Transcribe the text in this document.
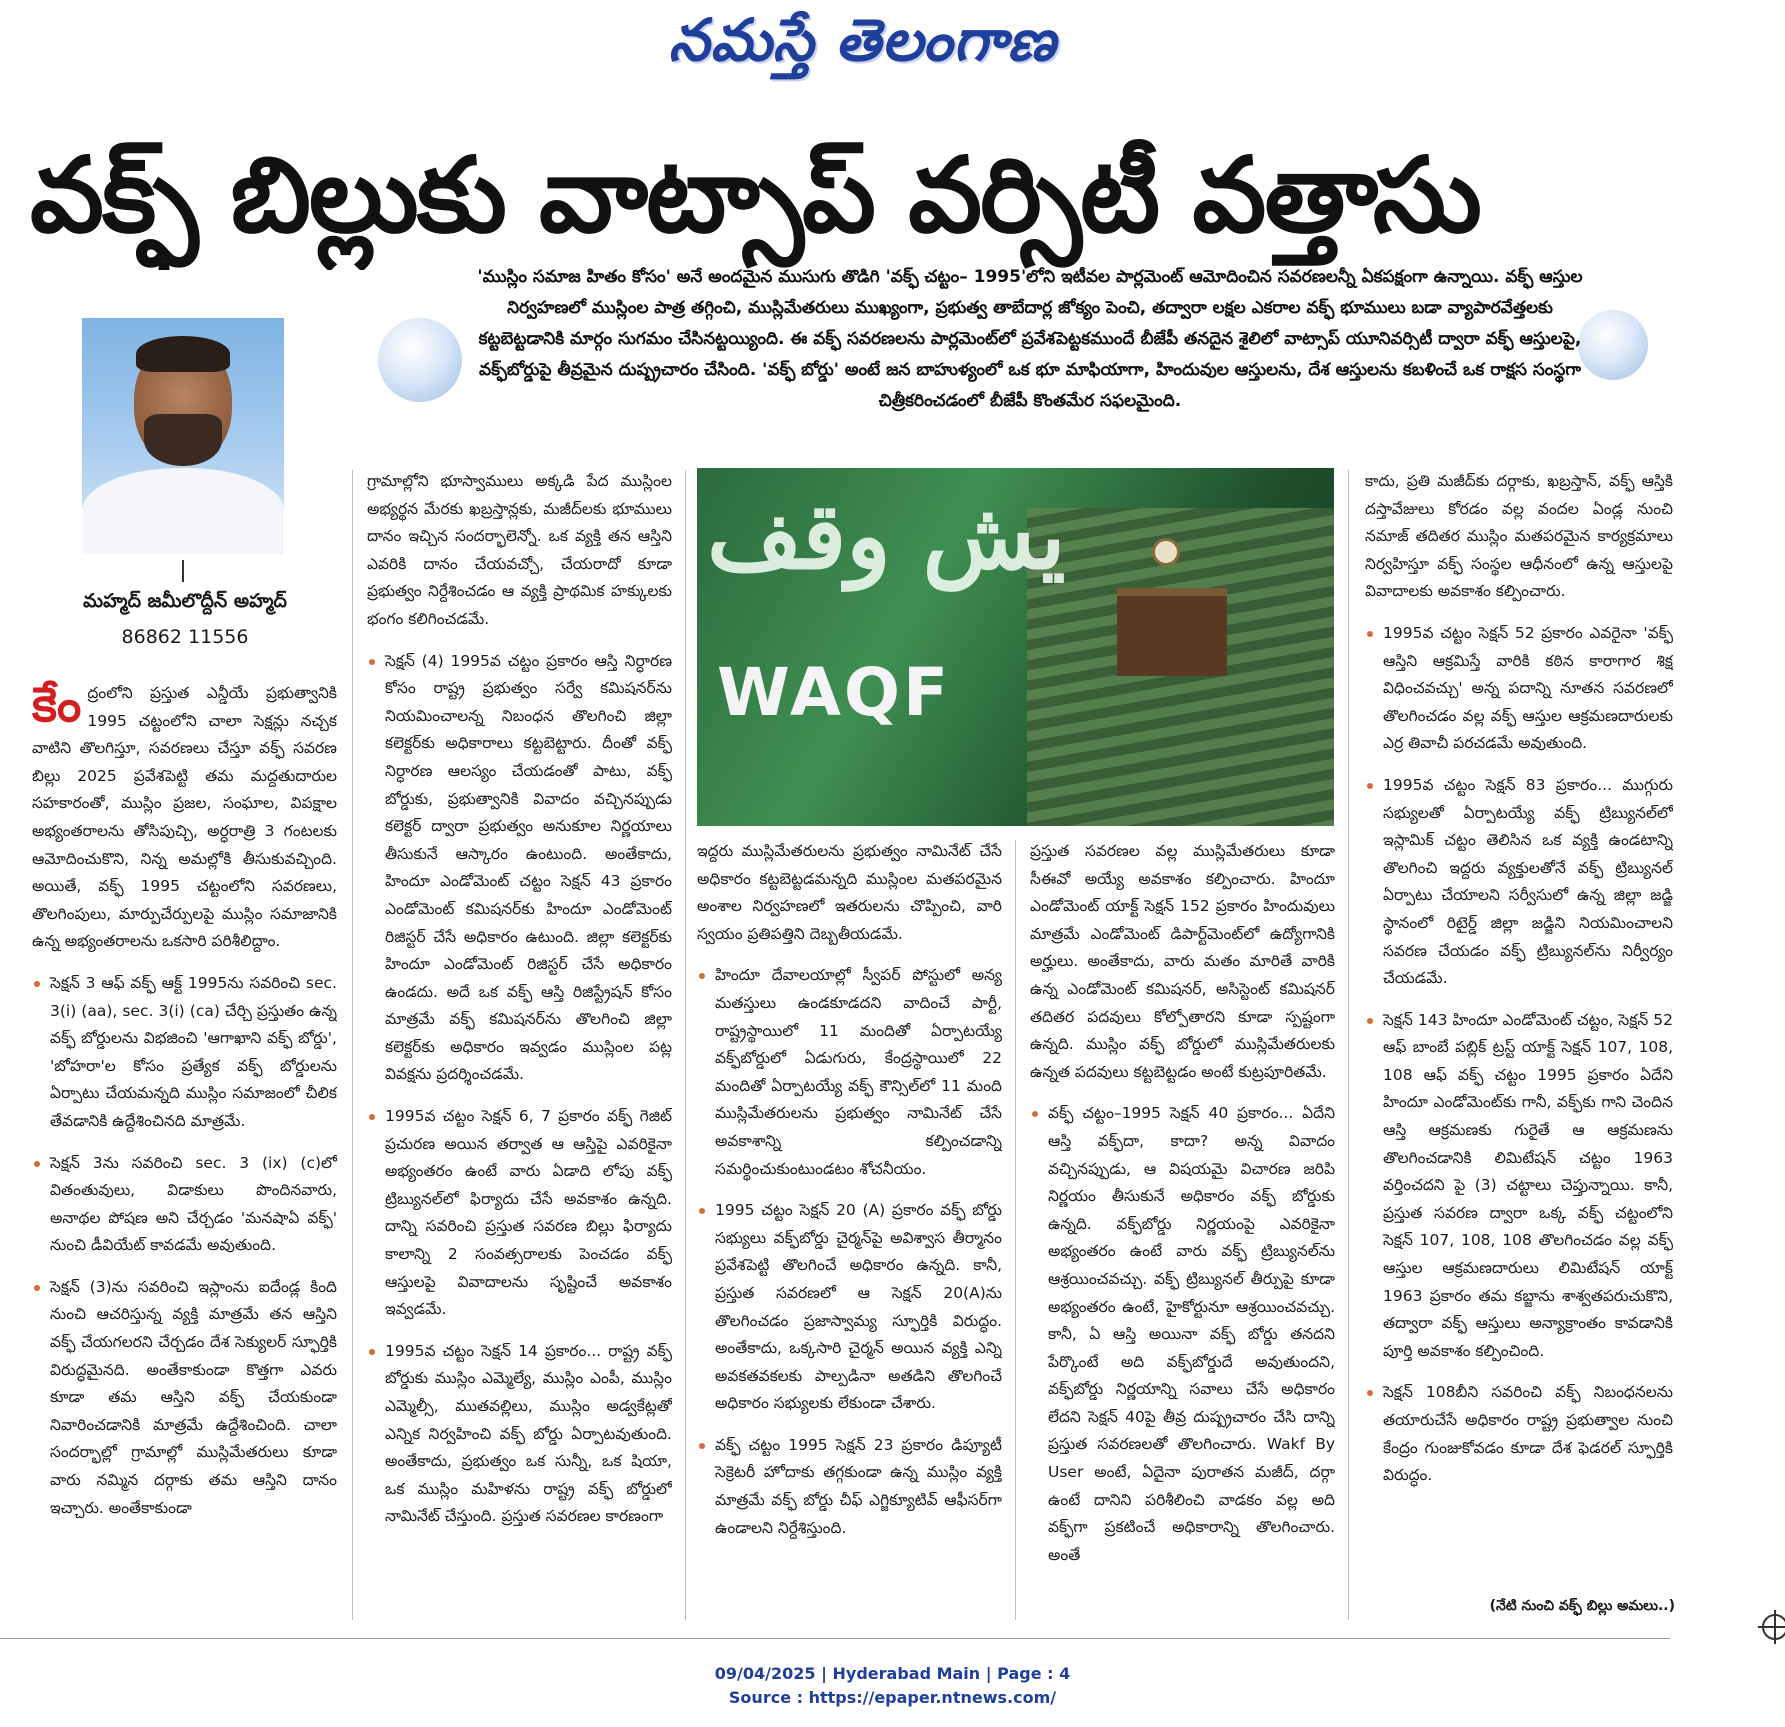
నమస్తే తెలంగాణ
వక్ఫ్ బిల్లుకు వాట్సాప్ వర్సిటీ వత్తాసు
'ముస్లిం సమాజ హితం కోసం' అనే అందమైన ముసుగు తొడిగి 'వక్ఫ్ చట్టం– 1995'లోని ఇటీవల పార్లమెంట్ ఆమోదించిన సవరణలన్నీ ఏకపక్షంగా ఉన్నాయి. వక్ఫ్ ఆస్తుల నిర్వహణలో ముస్లింల పాత్ర తగ్గించి, ముస్లిమేతరులు ముఖ్యంగా, ప్రభుత్వ తాబేదార్ల జోక్యం పెంచి, తద్వారా లక్షల ఎకరాల వక్ఫ్ భూములు బడా వ్యాపారవేత్తలకు కట్టబెట్టడానికి మార్గం సుగమం చేసినట్టయ్యింది. ఈ వక్ఫ్ సవరణలను పార్లమెంట్‌లో ప్రవేశపెట్టకముందే బీజేపీ తనదైన శైలిలో వాట్సాప్ యూనివర్సిటీ ద్వారా వక్ఫ్ ఆస్తులపై, వక్ఫ్‌బోర్డుపై తీవ్రమైన దుష్ప్రచారం చేసింది. 'వక్ఫ్ బోర్డు' అంటే జన బాహుళ్యంలో ఒక భూ మాఫియాగా, హిందువుల ఆస్తులను, దేశ ఆస్తులను కబళించే ఒక రాక్షస సంస్థగా చిత్రీకరించడంలో బీజేపీ కొంతమేర సఫలమైంది.
మహ్మద్ జమీలొద్దీన్ అహ్మద్
86862 11556

కేంద్రంలోని ప్రస్తుత ఎన్డీయే ప్రభుత్వానికి 1995 చట్టంలోని చాలా సెక్షన్లు నచ్చక వాటిని తొలగిస్తూ, సవరణలు చేస్తూ వక్ఫ్ సవరణ బిల్లు 2025 ప్రవేశపెట్టి తమ మద్దతుదారుల సహకారంతో, ముస్లిం ప్రజల, సంఘాల, విపక్షాల అభ్యంతరాలను తోసిపుచ్చి, అర్ధరాత్రి 3 గంటలకు ఆమోదించుకొని, నిన్న అమల్లోకి తీసుకువచ్చింది. అయితే, వక్ఫ్ 1995 చట్టంలోని సవరణలు, తొలగింపులు, మార్పుచేర్పులపై ముస్లిం సమాజానికి ఉన్న అభ్యంతరాలను ఒకసారి పరిశీలిద్దాం.

సెక్షన్ 3 ఆఫ్ వక్ఫ్ ఆక్ట్ 1995ను సవరించి sec. 3(i) (aa), sec. 3(i) (ca) చేర్చి ప్రస్తుతం ఉన్న వక్ఫ్ బోర్డులను విభజించి 'ఆగాఖాని వక్ఫ్ బోర్డు', 'బోహరా'ల కోసం ప్రత్యేక వక్ఫ్ బోర్డులను ఏర్పాటు చేయమన్నది ముస్లిం సమాజంలో చీలిక తేవడానికి ఉద్దేశించినది మాత్రమే.

సెక్షన్ 3ను సవరించి sec. 3 (ix) (c)లో వితంతువులు, విడాకులు పొందినవారు, అనాథల పోషణ అని చేర్చడం 'మనషాఏ వక్ఫ్' నుంచి డీవియేట్ కావడమే అవుతుంది.

సెక్షన్ (3)ను సవరించి ఇస్లాంను ఐదేండ్ల కింది నుంచి ఆచరిస్తున్న వ్యక్తి మాత్రమే తన ఆస్తిని వక్ఫ్ చేయగలరని చేర్చడం దేశ సెక్యులర్ స్ఫూర్తికి విరుద్ధమైనది. అంతేకాకుండా కొత్తగా ఎవరు కూడా తమ ఆస్తిని వక్ఫ్ చేయకుండా నివారించడానికి మాత్రమే ఉద్దేశించింది. చాలా సందర్భాల్లో గ్రామాల్లో ముస్లిమేతరులు కూడా వారు నమ్మిన దర్గాకు తమ ఆస్తిని దానం ఇచ్చారు. అంతేకాకుండా

గ్రామాల్లోని భూస్వాములు అక్కడి పేద ముస్లింల అభ్యర్థన మేరకు ఖబ్రస్తాన్లకు, మజీద్‌లకు భూములు దానం ఇచ్చిన సందర్భాలెన్నో. ఒక వ్యక్తి తన ఆస్తిని ఎవరికి దానం చేయవచ్చో, చేయరాదో కూడా ప్రభుత్వం నిర్దేశించడం ఆ వ్యక్తి ప్రాథమిక హక్కులకు భంగం కలిగించడమే.

సెక్షన్ (4) 1995వ చట్టం ప్రకారం ఆస్తి నిర్ధారణ కోసం రాష్ట్ర ప్రభుత్వం సర్వే కమిషనర్‌ను నియమించాలన్న నిబంధన తొలగించి జిల్లా కలెక్టర్‌కు అధికారాలు కట్టబెట్టారు. దీంతో వక్ఫ్ నిర్ధారణ ఆలస్యం చేయడంతో పాటు, వక్ఫ్ బోర్డుకు, ప్రభుత్వానికి వివాదం వచ్చినప్పుడు కలెక్టర్ ద్వారా ప్రభుత్వం అనుకూల నిర్ణయాలు తీసుకునే ఆస్కారం ఉంటుంది. అంతేకాదు, హిందూ ఎండోమెంట్ చట్టం సెక్షన్ 43 ప్రకారం ఎండోమెంట్ కమిషనర్‌కు హిందూ ఎండోమెంట్ రిజిస్టర్ చేసే అధికారం ఉటుంది. జిల్లా కలెక్టర్‌కు హిందూ ఎండోమెంట్ రిజిస్టర్ చేసే అధికారం ఉండదు. అదే ఒక వక్ఫ్ ఆస్తి రిజిస్ట్రేషన్ కోసం మాత్రమే వక్ఫ్ కమిషనర్‌ను తొలగించి జిల్లా కలెక్టర్‌కు అధికారం ఇవ్వడం ముస్లింల పట్ల వివక్షను ప్రదర్శించడమే.

1995వ చట్టం సెక్షన్ 6, 7 ప్రకారం వక్ఫ్ గెజిట్ ప్రచురణ అయిన తర్వాత ఆ ఆస్తిపై ఎవరికైనా అభ్యంతరం ఉంటే వారు ఏడాది లోపు వక్ఫ్ ట్రిబ్యునల్‌లో ఫిర్యాదు చేసే అవకాశం ఉన్నది. దాన్ని సవరించి ప్రస్తుత సవరణ బిల్లు ఫిర్యాదు కాలాన్ని 2 సంవత్సరాలకు పెంచడం వక్ఫ్ ఆస్తులపై వివాదాలను సృష్టించే అవకాశం ఇవ్వడమే.

1995వ చట్టం సెక్షన్ 14 ప్రకారం... రాష్ట్ర వక్ఫ్ బోర్డుకు ముస్లిం ఎమ్మెల్యే, ముస్లిం ఎంపీ, ముస్లిం ఎమ్మెల్సీ, ముతవల్లిలు, ముస్లిం అడ్వకేట్లతో ఎన్నిక నిర్వహించి వక్ఫ్ బోర్డు ఏర్పాటవుతుంది. అంతేకాదు, ప్రభుత్వం ఒక సున్నీ, ఒక షియా, ఒక ముస్లిం మహిళను రాష్ట్ర వక్ఫ్ బోర్డులో నామినేట్ చేస్తుంది. ప్రస్తుత సవరణల కారణంగా

یش وقف
WAQF

ఇద్దరు ముస్లిమేతరులను ప్రభుత్వం నామినేట్ చేసే అధికారం కట్టబెట్టడమన్నది ముస్లింల మతపరమైన అంశాల నిర్వహణలో ఇతరులను చొప్పించి, వారి స్వయం ప్రతిపత్తిని దెబ్బతీయడమే.

హిందూ దేవాలయాల్లో స్వీపర్ పోస్టులో అన్య మతస్తులు ఉండకూడదని వాదించే పార్టీ, రాష్ట్రస్థాయిలో 11 మందితో ఏర్పాటయ్యే వక్ఫ్‌బోర్డులో ఏడుగురు, కేంద్రస్థాయిలో 22 మందితో ఏర్పాటయ్యే వక్ఫ్ కౌన్సిల్‌లో 11 మంది ముస్లిమేతరులను ప్రభుత్వం నామినేట్ చేసే అవకాశాన్ని కల్పించడాన్ని సమర్థించుకుంటుండటం శోచనీయం.

1995 చట్టం సెక్షన్ 20 (A) ప్రకారం వక్ఫ్ బోర్డు సభ్యులు వక్ఫ్‌బోర్డు చైర్మన్‌పై అవిశ్వాస తీర్మానం ప్రవేశపెట్టి తొలగించే అధికారం ఉన్నది. కానీ, ప్రస్తుత సవరణలో ఆ సెక్షన్ 20(A)ను తొలగించడం ప్రజాస్వామ్య స్ఫూర్తికి విరుద్ధం. అంతేకాదు, ఒక్కసారి చైర్మన్ అయిన వ్యక్తి ఎన్ని అవకతవకలకు పాల్పడినా అతడిని తొలగించే అధికారం సభ్యులకు లేకుండా చేశారు.

వక్ఫ్ చట్టం 1995 సెక్షన్ 23 ప్రకారం డిప్యూటీ సెక్రెటరీ హోదాకు తగ్గకుండా ఉన్న ముస్లిం వ్యక్తి మాత్రమే వక్ఫ్ బోర్డు చీఫ్ ఎగ్జిక్యూటివ్ ఆఫీసర్‌గా ఉండాలని నిర్దేశిస్తుంది.

ప్రస్తుత సవరణల వల్ల ముస్లిమేతరులు కూడా సీఈవో అయ్యే అవకాశం కల్పించారు. హిందూ ఎండోమెంట్ యాక్ట్ సెక్షన్ 152 ప్రకారం హిందువులు మాత్రమే ఎండోమెంట్ డిపార్ట్‌మెంట్‌లో ఉద్యోగానికి అర్హులు. అంతేకాదు, వారు మతం మారితే వారికి ఉన్న ఎండోమెంట్ కమిషనర్, అసిస్టెంట్ కమిషనర్ తదితర పదవులు కోల్పోతారని కూడా స్పష్టంగా ఉన్నది. ముస్లిం వక్ఫ్ బోర్డులో ముస్లిమేతరులకు ఉన్నత పదవులు కట్టబెట్టడం అంటే కుట్రపూరితమే.

వక్ఫ్ చట్టం–1995 సెక్షన్ 40 ప్రకారం... ఏదేని ఆస్తి వక్ఫ్‌దా, కాదా? అన్న వివాదం వచ్చినప్పుడు, ఆ విషయమై విచారణ జరిపి నిర్ణయం తీసుకునే అధికారం వక్ఫ్ బోర్డుకు ఉన్నది. వక్ఫ్‌బోర్డు నిర్ణయంపై ఎవరికైనా అభ్యంతరం ఉంటే వారు వక్ఫ్ ట్రిబ్యునల్‌ను ఆశ్రయించవచ్చు. వక్ఫ్ ట్రిబ్యునల్ తీర్పుపై కూడా అభ్యంతరం ఉంటే, హైకోర్టునూ ఆశ్రయించవచ్చు. కానీ, ఏ ఆస్తి అయినా వక్ఫ్ బోర్డు తనదని పేర్కొంటే అది వక్ఫ్‌బోర్డుదే అవుతుందని, వక్ఫ్‌బోర్డు నిర్ణయాన్ని సవాలు చేసే అధికారం లేదని సెక్షన్ 40పై తీవ్ర దుష్ప్రచారం చేసి దాన్ని ప్రస్తుత సవరణలతో తొలగించారు. Wakf By User అంటే, ఏదైనా పురాతన మజీద్, దర్గా ఉంటే దానిని పరిశీలించి వాడకం వల్ల అది వక్ఫ్‌గా ప్రకటించే అధికారాన్ని తొలగించారు. అంతే

కాదు, ప్రతి మజీద్‌కు దర్గాకు, ఖబ్రస్తాన్, వక్ఫ్ ఆస్తికి దస్తావేజులు కోరడం వల్ల వందల ఏండ్ల నుంచి నమాజ్ తదితర ముస్లిం మతపరమైన కార్యక్రమాలు నిర్వహిస్తూ వక్ఫ్ సంస్థల ఆధీనంలో ఉన్న ఆస్తులపై వివాదాలకు అవకాశం కల్పించారు.

1995వ చట్టం సెక్షన్ 52 ప్రకారం ఎవరైనా 'వక్ఫ్ ఆస్తిని ఆక్రమిస్తే వారికి కఠిన కారాగార శిక్ష విధించవచ్చు' అన్న పదాన్ని నూతన సవరణలో తొలగించడం వల్ల వక్ఫ్ ఆస్తుల ఆక్రమణదారులకు ఎర్ర తివాచీ పరచడమే అవుతుంది.

1995వ చట్టం సెక్షన్ 83 ప్రకారం... ముగ్గురు సభ్యులతో ఏర్పాటయ్యే వక్ఫ్ ట్రిబ్యునల్‌లో ఇస్లామిక్ చట్టం తెలిసిన ఒక వ్యక్తి ఉండటాన్ని తొలగించి ఇద్దరు వ్యక్తులతోనే వక్ఫ్ ట్రిబ్యునల్ ఏర్పాటు చేయాలని సర్వీసులో ఉన్న జిల్లా జడ్జి స్థానంలో రిటైర్డ్ జిల్లా జడ్జిని నియమించాలని సవరణ చేయడం వక్ఫ్ ట్రిబ్యునల్‌ను నిర్వీర్యం చేయడమే.

సెక్షన్ 143 హిందూ ఎండోమెంట్ చట్టం, సెక్షన్ 52 ఆఫ్ బాంబే పబ్లిక్ ట్రస్ట్ యాక్ట్ సెక్షన్ 107, 108, 108 ఆఫ్ వక్ఫ్ చట్టం 1995 ప్రకారం ఏదేని హిందూ ఎండోమెంట్‌కు గానీ, వక్ఫ్‌కు గాని చెందిన ఆస్తి ఆక్రమణకు గురైతే ఆ ఆక్రమణను తొలగించడానికి లిమిటేషన్ చట్టం 1963 వర్తించదని పై (3) చట్టాలు చెప్తున్నాయి. కానీ, ప్రస్తుత సవరణ ద్వారా ఒక్క వక్ఫ్ చట్టంలోని సెక్షన్ 107, 108, 108 తొలగించడం వల్ల వక్ఫ్ ఆస్తుల ఆక్రమణదారులు లిమిటేషన్ యాక్ట్ 1963 ప్రకారం తమ కబ్జాను శాశ్వతపరుచుకొని, తద్వారా వక్ఫ్ ఆస్తులు అన్యాక్రాంతం కావడానికి పూర్తి అవకాశం కల్పించింది.

సెక్షన్ 108బీని సవరించి వక్ఫ్ నిబంధనలను తయారుచేసే అధికారం రాష్ట్ర ప్రభుత్వాల నుంచి కేంద్రం గుంజుకోవడం కూడా దేశ ఫెడరల్ స్ఫూర్తికి విరుద్ధం.

(నేటి నుంచి వక్ఫ్ బిల్లు అమలు..)
09/04/2025 | Hyderabad Main | Page : 4
Source : https://epaper.ntnews.com/
